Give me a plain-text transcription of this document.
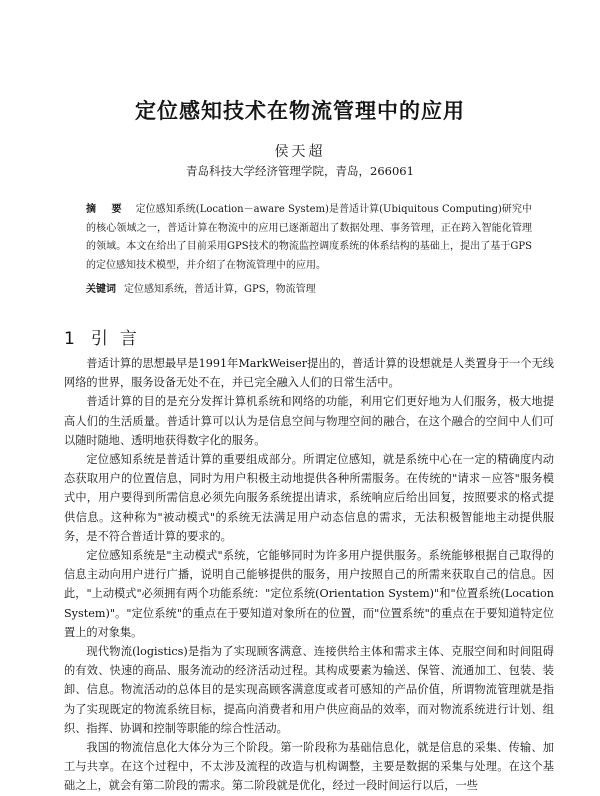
定位感知技术在物流管理中的应用
侯天超
青岛科技大学经济管理学院，青岛，266061
摘 要 定位感知系统(Location－aware System)是普适计算(Ubiquitous Computing)研究中的核心领域之一，普适计算在物流中的应用已逐渐超出了数据处理、事务管理，正在跨入智能化管理的领域。本文在给出了目前采用GPS技术的物流监控调度系统的体系结构的基础上，提出了基于GPS的定位感知技术模型，并介绍了在物流管理中的应用。
关键词 定位感知系统，普适计算，GPS，物流管理
1 引言

普适计算的思想最早是1991年MarkWeiser提出的，普适计算的设想就是人类置身于一个无线网络的世界，服务设备无处不在，并已完全融入人们的日常生活中。

普适计算的目的是充分发挥计算机系统和网络的功能，利用它们更好地为人们服务，极大地提高人们的生活质量。普适计算可以认为是信息空间与物理空间的融合，在这个融合的空间中人们可以随时随地、透明地获得数字化的服务。

定位感知系统是普适计算的重要组成部分。所谓定位感知，就是系统中心在一定的精确度内动态获取用户的位置信息，同时为用户积极主动地提供各种所需服务。在传统的"请求－应答"服务模式中，用户要得到所需信息必须先向服务系统提出请求，系统响应后给出回复，按照要求的格式提供信息。这种称为"被动模式"的系统无法满足用户动态信息的需求，无法积极智能地主动提供服务，是不符合普适计算的要求的。

定位感知系统是"主动模式"系统，它能够同时为许多用户提供服务。系统能够根据自己取得的信息主动向用户进行广播，说明自己能够提供的服务，用户按照自己的所需来获取自己的信息。因此，"上动模式"必须拥有两个功能系统："定位系统(Orientation System)"和"位置系统(Location System)"。"定位系统"的重点在于要知道对象所在的位置，而"位置系统"的重点在于要知道特定位置上的对象集。

现代物流(logistics)是指为了实现顾客满意、连接供给主体和需求主体、克服空间和时间阻碍的有效、快速的商品、服务流动的经济活动过程。其构成要素为输送、保管、流通加工、包装、装卸、信息。物流活动的总体目的是实现高顾客满意度或者可感知的产品价值，所谓物流管理就是指为了实现既定的物流系统目标，提高向消费者和用户供应商品的效率，而对物流系统进行计划、组织、指挥、协调和控制等职能的综合性活动。

我国的物流信息化大体分为三个阶段。第一阶段称为基础信息化，就是信息的采集、传输、加工与共享。在这个过程中，不太涉及流程的改造与机构调整，主要是数据的采集与处理。在这个基础之上，就会有第二阶段的需求。第二阶段就是优化，经过一段时间运行以后，一些
